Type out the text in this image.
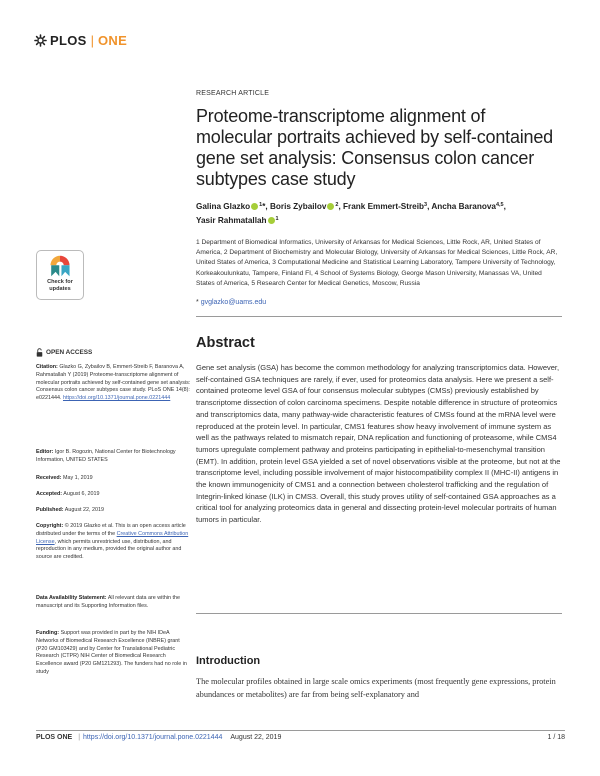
PLOS | ONE
RESEARCH ARTICLE
Proteome-transcriptome alignment of molecular portraits achieved by self-contained gene set analysis: Consensus colon cancer subtypes case study
Galina Glazko $^1$*, Boris Zybailov $^2$, Frank Emmert-Streib$^3$, Ancha Baranova$^{4,5}$,
Yasir Rahmatallah $^1$
1 Department of Biomedical Informatics, University of Arkansas for Medical Sciences, Little Rock, AR, United States of America, 2 Department of Biochemistry and Molecular Biology, University of Arkansas for Medical Sciences, Little Rock, AR, United States of America, 3 Computational Medicine and Statistical Learning Laboratory, Tampere University of Technology, Korkeakoulunkatu, Tampere, Finland FI, 4 School of Systems Biology, George Mason University, Manassas VA, United States of America, 5 Research Center for Medical Genetics, Moscow, Russia
* gvglazko@uams.edu
Abstract

Gene set analysis (GSA) has become the common methodology for analyzing transcriptomics data. However, self-contained GSA techniques are rarely, if ever, used for proteomics data analysis. Here we present a self-contained proteome level GSA of four consensus molecular subtypes (CMSs) previously established by transcriptome dissection of colon carcinoma specimens. Despite notable difference in structure of proteomics and transcriptomics data, many pathway-wide characteristic features of CMSs found at the mRNA level were reproduced at the protein level. In particular, CMS1 features show heavy involvement of immune system as well as the pathways related to mismatch repair, DNA replication and functioning of proteasome, while CMS4 tumors upregulate complement pathway and proteins participating in epithelial-to-mesenchymal transition (EMT). In addition, protein level GSA yielded a set of novel observations visible at the proteome, but not at the transcriptome level, including possible involvement of major histocompatibility complex II (MHC-II) antigens in the known immunogenicity of CMS1 and a connection between cholesterol trafficking and the regulation of Integrin-linked kinase (ILK) in CMS3. Overall, this study proves utility of self-contained GSA approaches as a critical tool for analyzing proteomics data in general and dissecting protein-level molecular portraits of human tumors in particular.

Introduction

The molecular profiles obtained in large scale omics experiments (most frequently gene expressions, protein abundances or metabolites) are far from being self-explanatory and

Check for
updates
OPEN ACCESS
Citation: Glazko G, Zybailov B, Emmert-Streib F, Baranova A, Rahmatallah Y (2019) Proteome-transcriptome alignment of molecular portraits achieved by self-contained gene set analysis: Consensus colon cancer subtypes case study. PLoS ONE 14(8): e0221444. https://doi.org/10.1371/journal.pone.0221444
Editor: Igor B. Rogozin, National Center for Biotechnology Information, UNITED STATES
Received: May 1, 2019
Accepted: August 6, 2019
Published: August 22, 2019
Copyright: © 2019 Glazko et al. This is an open access article distributed under the terms of the Creative Commons Attribution License, which permits unrestricted use, distribution, and reproduction in any medium, provided the original author and source are credited.
Data Availability Statement: All relevant data are within the manuscript and its Supporting Information files.
Funding: Support was provided in part by the NIH IDeA Networks of Biomedical Research Excellence (INBRE) grant (P20 GM103429) and by Center for Translational Pediatric Research (CTPR) NIH Center of Biomedical Research Excellence award (P20 GM121293). The funders had no role in study
PLOS ONE | https://doi.org/10.1371/journal.pone.0221444 August 22, 2019	1 / 18
